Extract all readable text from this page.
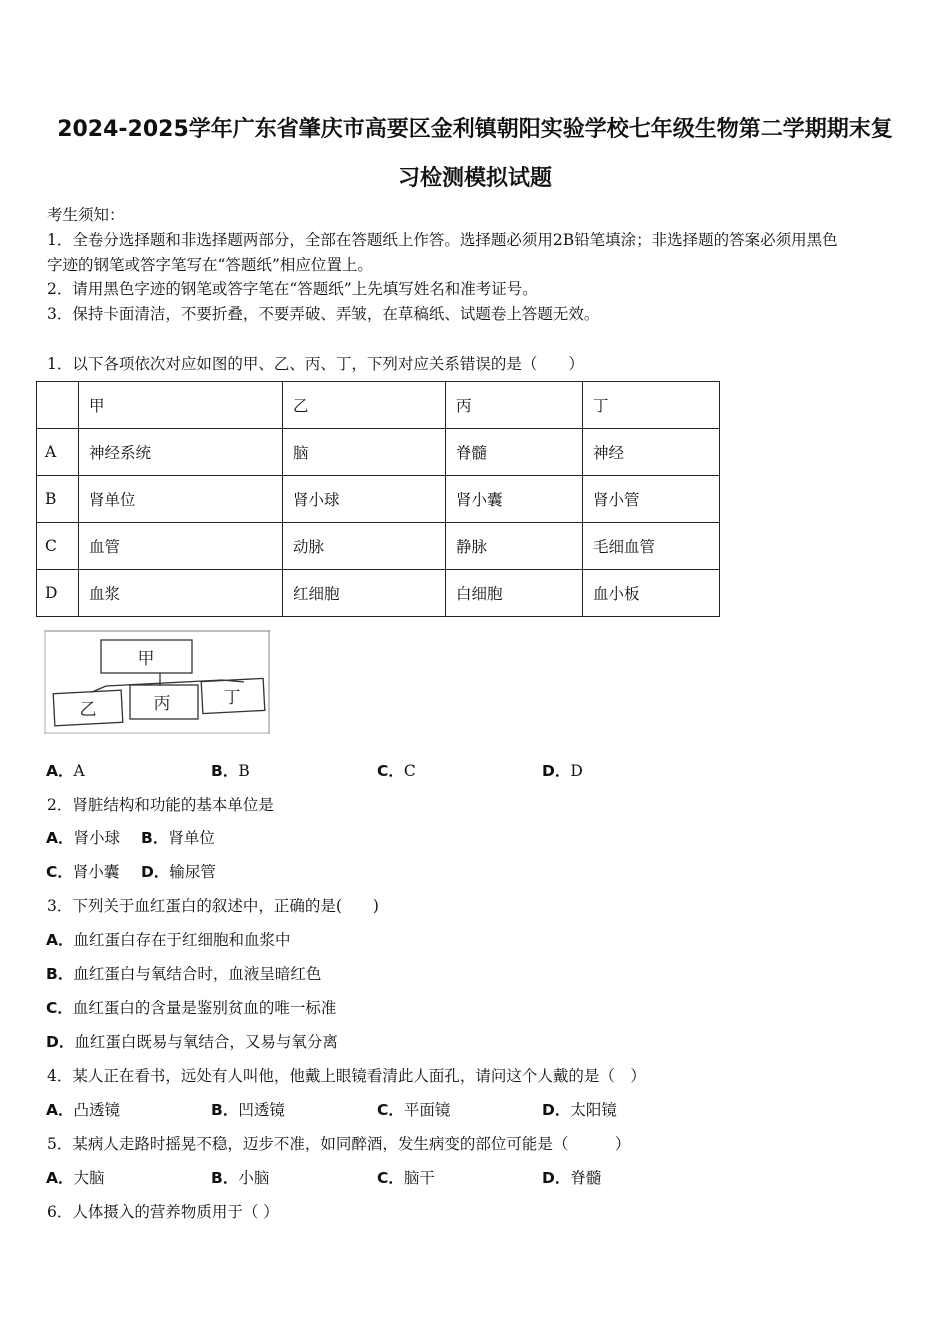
2024-2025学年广东省肇庆市高要区金利镇朝阳实验学校七年级生物第二学期期末复
习检测模拟试题
考生须知：
1．全卷分选择题和非选择题两部分，全部在答题纸上作答。选择题必须用2B铅笔填涂；非选择题的答案必须用黑色
字迹的钢笔或答字笔写在“答题纸”相应位置上。
2．请用黑色字迹的钢笔或答字笔在“答题纸”上先填写姓名和准考证号。
3．保持卡面清洁，不要折叠，不要弄破、弄皱，在草稿纸、试题卷上答题无效。
1．以下各项依次对应如图的甲、乙、丙、丁，下列对应关系错误的是（　　）
	甲	乙	丙	丁
A	神经系统	脑	脊髓	神经
B	肾单位	肾小球	肾小囊	肾小管
C	血管	动脉	静脉	毛细血管
D	血浆	红细胞	白细胞	血小板
甲
乙	丙	丁
A．A	B．B	C．C	D．D
2．肾脏结构和功能的基本单位是
A．肾小球 B．肾单位
C．肾小囊 D．输尿管
3．下列关于血红蛋白的叙述中，正确的是(　　)
A．血红蛋白存在于红细胞和血浆中
B．血红蛋白与氧结合时，血液呈暗红色
C．血红蛋白的含量是鉴别贫血的唯一标准
D．血红蛋白既易与氧结合，又易与氧分离
4．某人正在看书，远处有人叫他，他戴上眼镜看清此人面孔，请问这个人戴的是（　）
A．凸透镜	B．凹透镜	C．平面镜	D．太阳镜
5．某病人走路时摇晃不稳，迈步不准，如同醉酒，发生病变的部位可能是（　　　）
A．大脑	B．小脑	C．脑干	D．脊髓
6．人体摄入的营养物质用于（ ）
